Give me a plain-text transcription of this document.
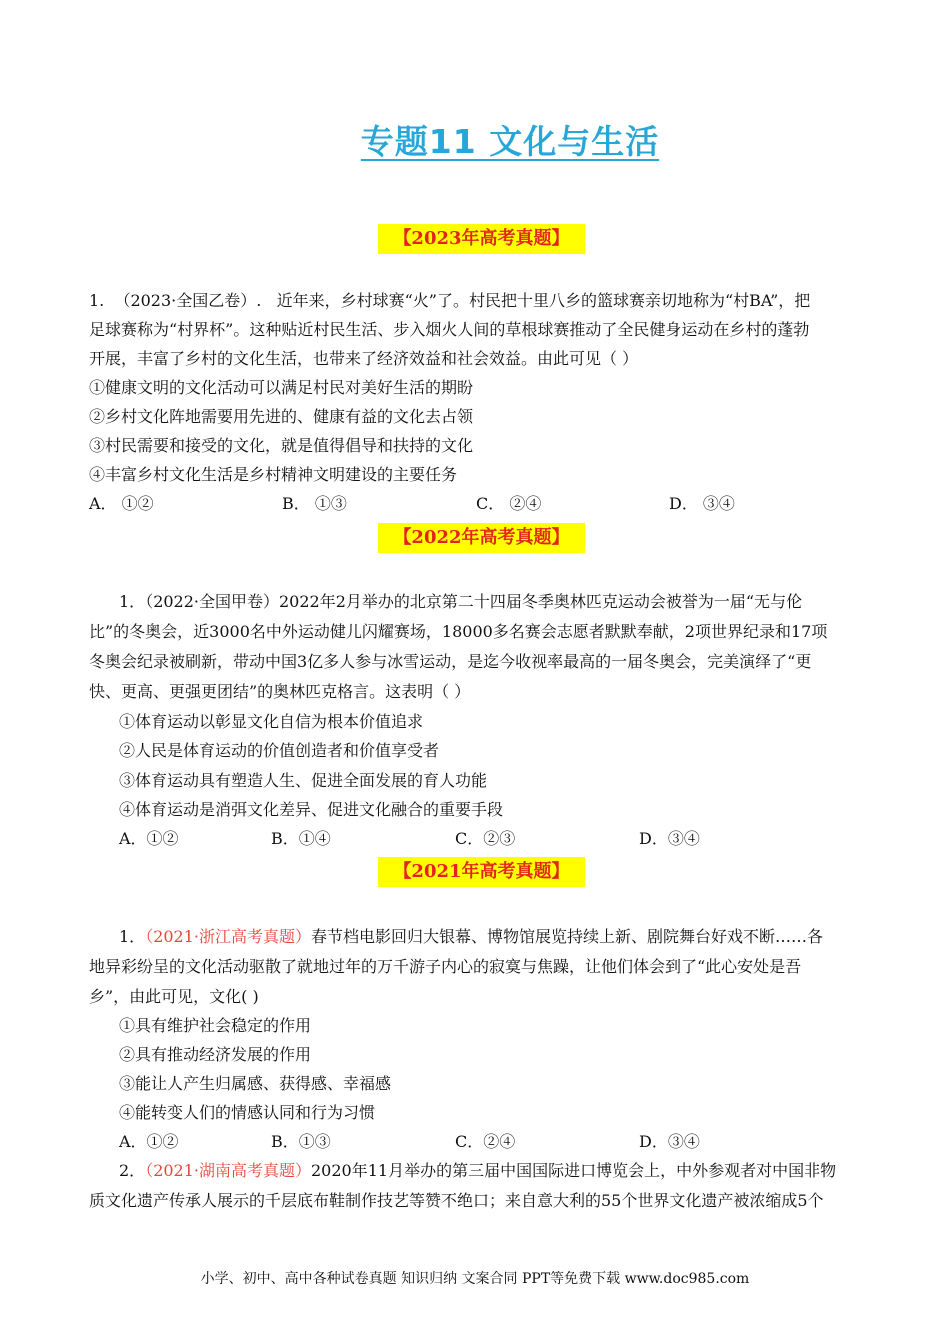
专题11 文化与生活
【2023年高考真题】
1. （2023·全国乙卷）. 近年来，乡村球赛“火”了。村民把十里八乡的篮球赛亲切地称为“村BA”，把
足球赛称为“村界杯”。这种贴近村民生活、步入烟火人间的草根球赛推动了全民健身运动在乡村的蓬勃
开展，丰富了乡村的文化生活，也带来了经济效益和社会效益。由此可见（ ）
①健康文明的文化活动可以满足村民对美好生活的期盼
②乡村文化阵地需要用先进的、健康有益的文化去占领
③村民需要和接受的文化，就是值得倡导和扶持的文化
④丰富乡村文化生活是乡村精神文明建设的主要任务
A． ①②	B． ①③	C． ②④	D． ③④
【2022年高考真题】
1．（2022·全国甲卷）2022年2月举办的北京第二十四届冬季奥林匹克运动会被誉为一届“无与伦
比”的冬奥会，近3000名中外运动健儿闪耀赛场，18000多名赛会志愿者默默奉献，2项世界纪录和17项
冬奥会纪录被刷新，带动中国3亿多人参与冰雪运动，是迄今收视率最高的一届冬奥会，完美演绎了“更
快、更高、更强更团结”的奥林匹克格言。这表明（ ）
①体育运动以彰显文化自信为根本价值追求
②人民是体育运动的价值创造者和价值享受者
③体育运动具有塑造人生、促进全面发展的育人功能
④体育运动是消弭文化差异、促进文化融合的重要手段
A．①②	B．①④	C．②③	D．③④
【2021年高考真题】
1．（2021·浙江高考真题）春节档电影回归大银幕、博物馆展览持续上新、剧院舞台好戏不断……各
地异彩纷呈的文化活动驱散了就地过年的万千游子内心的寂寞与焦躁，让他们体会到了“此心安处是吾
乡”，由此可见，文化( )
①具有维护社会稳定的作用
②具有推动经济发展的作用
③能让人产生归属感、获得感、幸福感
④能转变人们的情感认同和行为习惯
A．①②	B．①③	C．②④	D．③④
2．（2021·湖南高考真题）2020年11月举办的第三届中国国际进口博览会上，中外参观者对中国非物
质文化遗产传承人展示的千层底布鞋制作技艺等赞不绝口；来自意大利的55个世界文化遗产被浓缩成5个
小学、初中、高中各种试卷真题 知识归纳 文案合同 PPT等免费下载 www.doc985.com
